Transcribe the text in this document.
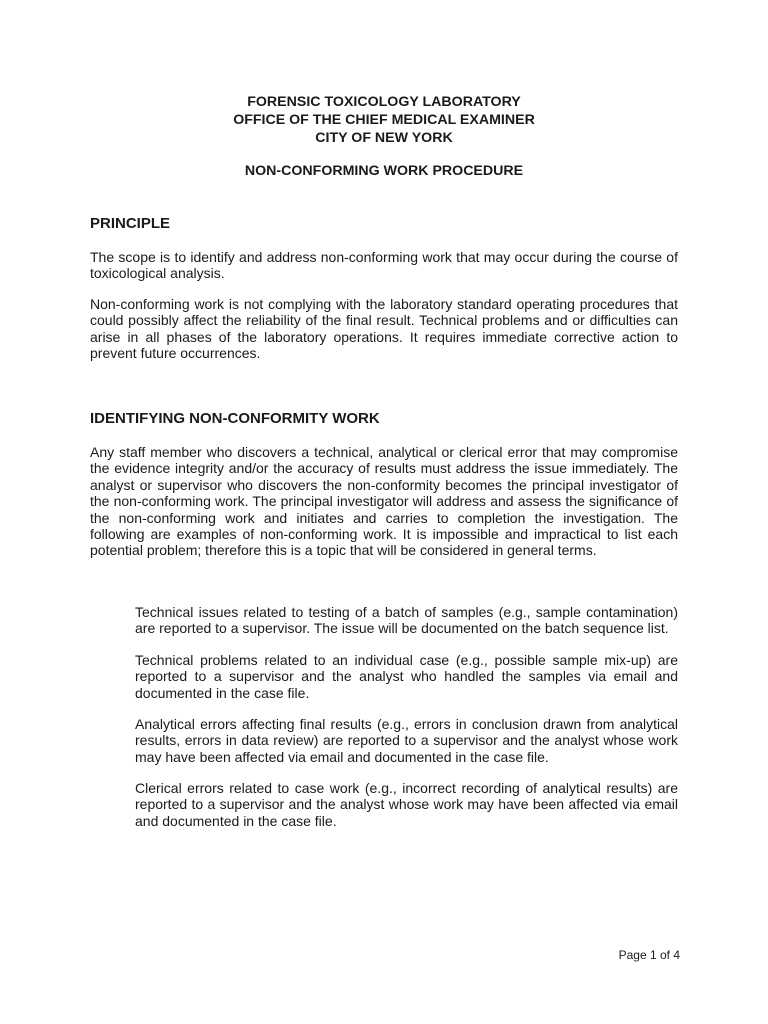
FORENSIC TOXICOLOGY LABORATORY
OFFICE OF THE CHIEF MEDICAL EXAMINER
CITY OF NEW YORK
NON-CONFORMING WORK PROCEDURE
PRINCIPLE

The scope is to identify and address non-conforming work that may occur during the course of toxicological analysis.

Non-conforming work is not complying with the laboratory standard operating procedures that could possibly affect the reliability of the final result. Technical problems and or difficulties can arise in all phases of the laboratory operations. It requires immediate corrective action to prevent future occurrences.

IDENTIFYING NON-CONFORMITY WORK

Any staff member who discovers a technical, analytical or clerical error that may compromise the evidence integrity and/or the accuracy of results must address the issue immediately. The analyst or supervisor who discovers the non-conformity becomes the principal investigator of the non-conforming work. The principal investigator will address and assess the significance of the non-conforming work and initiates and carries to completion the investigation. The following are examples of non-conforming work. It is impossible and impractical to list each potential problem; therefore this is a topic that will be considered in general terms.

Technical issues related to testing of a batch of samples (e.g., sample contamination) are reported to a supervisor. The issue will be documented on the batch sequence list.

Technical problems related to an individual case (e.g., possible sample mix-up) are reported to a supervisor and the analyst who handled the samples via email and documented in the case file.

Analytical errors affecting final results (e.g., errors in conclusion drawn from analytical results, errors in data review) are reported to a supervisor and the analyst whose work may have been affected via email and documented in the case file.

Clerical errors related to case work (e.g., incorrect recording of analytical results) are reported to a supervisor and the analyst whose work may have been affected via email and documented in the case file.

Page 1 of 4
